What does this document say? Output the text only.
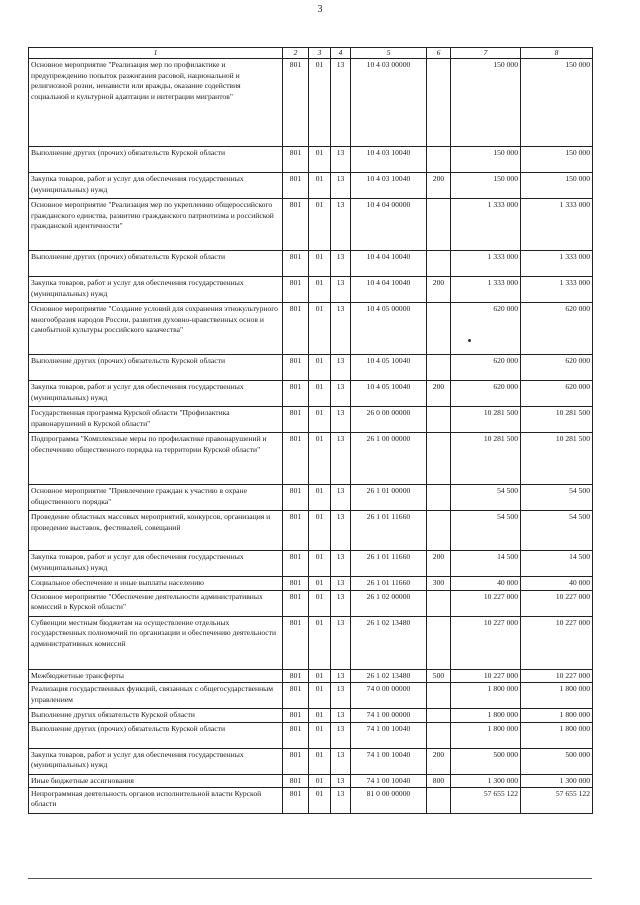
3
1	2	3	4	5	6	7	8
Основное мероприятие "Реализация мер по профилактике и предупреждению попыток разжигания расовой, национальной и религиозной розни, ненависти или вражды, оказание содействия социальной и культурной адаптации и интеграции мигрантов"	801	01	13	10 4 03 00000		150 000	150 000
Выполнение других (прочих) обязательств Курской области	801	01	13	10 4 03 10040		150 000	150 000
Закупка товаров, работ и услуг для обеспечения государственных (муниципальных) нужд	801	01	13	10 4 03 10040	200	150 000	150 000
Основное мероприятие "Реализация мер по укреплению общероссийского гражданского единства, развитию гражданского патриотизма и российской гражданской идентичности"	801	01	13	10 4 04 00000		1 333 000	1 333 000
Выполнение других (прочих) обязательств Курской области	801	01	13	10 4 04 10040		1 333 000	1 333 000
Закупка товаров, работ и услуг для обеспечения государственных (муниципальных) нужд	801	01	13	10 4 04 10040	200	1 333 000	1 333 000
Основное мероприятие "Создание условий для сохранения этнокультурного многообразия народов России, развития духовно-нравственных основ и самобытной культуры российского казачества"	801	01	13	10 4 05 00000		620 000	620 000
Выполнение других (прочих) обязательств Курской области	801	01	13	10 4 05 10040		620 000	620 000
Закупка товаров, работ и услуг для обеспечения государственных (муниципальных) нужд	801	01	13	10 4 05 10040	200	620 000	620 000
Государственная программа Курской области "Профилактика правонарушений в Курской области"	801	01	13	26 0 00 00000		10 281 500	10 281 500
Подпрограмма "Комплексные меры по профилактике правонарушений и обеспечению общественного порядка на территории Курской области"	801	01	13	26 1 00 00000		10 281 500	10 281 500
Основное мероприятие "Привлечение граждан к участию в охране общественного порядка"	801	01	13	26 1 01 00000		54 500	54 500
Проведение областных массовых мероприятий, конкурсов, организация и проведение выставок, фестивалей, совещаний	801	01	13	26 1 01 11660		54 500	54 500
Закупка товаров, работ и услуг для обеспечения государственных (муниципальных) нужд	801	01	13	26 1 01 11660	200	14 500	14 500
Социальное обеспечение и иные выплаты населению	801	01	13	26 1 01 11660	300	40 000	40 000
Основное мероприятие "Обеспечение деятельности административных комиссий в Курской области"	801	01	13	26 1 02 00000		10 227 000	10 227 000
Субвенции местным бюджетам на осуществление отдельных государственных полномочий по организации и обеспечению деятельности административных комиссий	801	01	13	26 1 02 13480		10 227 000	10 227 000
Межбюджетные трансферты	801	01	13	26 1 02 13480	500	10 227 000	10 227 000
Реализация государственных функций, связанных с общегосударственным управлением	801	01	13	74 0 00 00000		1 800 000	1 800 000
Выполнение других обязательств Курской области	801	01	13	74 1 00 00000		1 800 000	1 800 000
Выполнение других (прочих) обязательств Курской области	801	01	13	74 1 00 10040		1 800 000	1 800 000
Закупка товаров, работ и услуг для обеспечения государственных (муниципальных) нужд	801	01	13	74 1 00 10040	200	500 000	500 000
Иные бюджетные ассигнования	801	01	13	74 1 00 10040	800	1 300 000	1 300 000
Непрограммная деятельность органов исполнительной власти Курской области	801	01	13	81 0 00 00000		57 655 122	57 655 122
